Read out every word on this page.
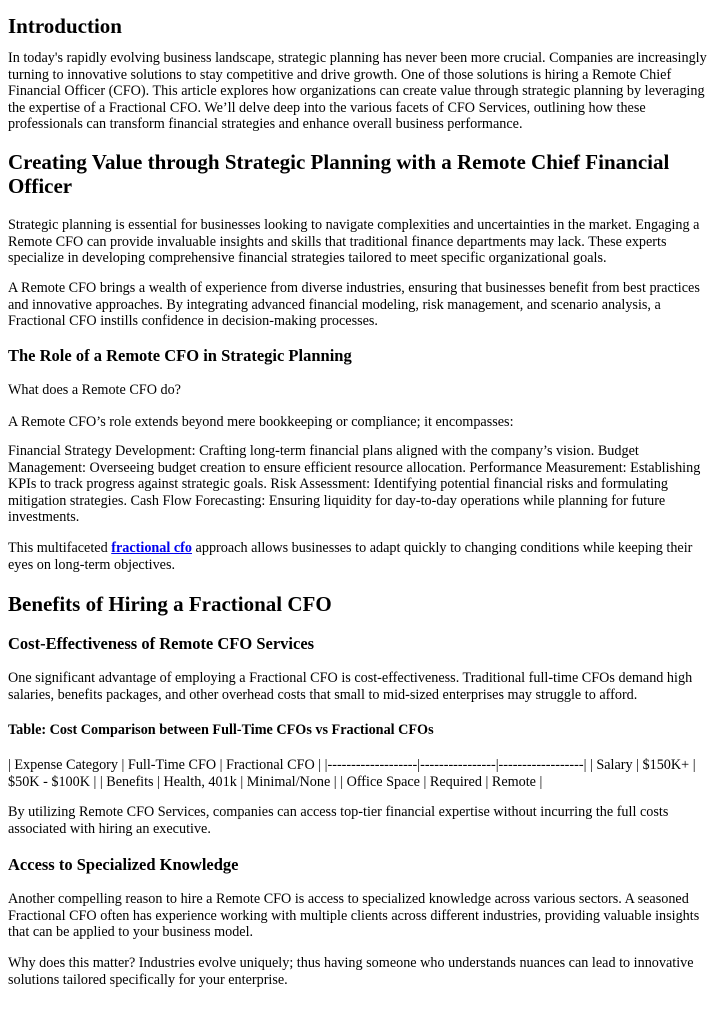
Introduction

In today's rapidly evolving business landscape, strategic planning has never been more crucial. Companies are increasingly turning to innovative solutions to stay competitive and drive growth. One of those solutions is hiring a Remote Chief Financial Officer (CFO). This article explores how organizations can create value through strategic planning by leveraging the expertise of a Fractional CFO. We’ll delve deep into the various facets of CFO Services, outlining how these professionals can transform financial strategies and enhance overall business performance.

Creating Value through Strategic Planning with a Remote Chief Financial Officer

Strategic planning is essential for businesses looking to navigate complexities and uncertainties in the market. Engaging a Remote CFO can provide invaluable insights and skills that traditional finance departments may lack. These experts specialize in developing comprehensive financial strategies tailored to meet specific organizational goals.

A Remote CFO brings a wealth of experience from diverse industries, ensuring that businesses benefit from best practices and innovative approaches. By integrating advanced financial modeling, risk management, and scenario analysis, a Fractional CFO instills confidence in decision-making processes.

The Role of a Remote CFO in Strategic Planning

What does a Remote CFO do?

A Remote CFO’s role extends beyond mere bookkeeping or compliance; it encompasses:

Financial Strategy Development: Crafting long-term financial plans aligned with the company’s vision. Budget Management: Overseeing budget creation to ensure efficient resource allocation. Performance Measurement: Establishing KPIs to track progress against strategic goals. Risk Assessment: Identifying potential financial risks and formulating mitigation strategies. Cash Flow Forecasting: Ensuring liquidity for day-to-day operations while planning for future investments.

This multifaceted fractional cfo approach allows businesses to adapt quickly to changing conditions while keeping their eyes on long-term objectives.

Benefits of Hiring a Fractional CFO
Cost-Effectiveness of Remote CFO Services

One significant advantage of employing a Fractional CFO is cost-effectiveness. Traditional full-time CFOs demand high salaries, benefits packages, and other overhead costs that small to mid-sized enterprises may struggle to afford.

Table: Cost Comparison between Full-Time CFOs vs Fractional CFOs

| Expense Category | Full-Time CFO | Fractional CFO | |-------------------|----------------|------------------| | Salary | $150K+ | $50K - $100K | | Benefits | Health, 401k | Minimal/None | | Office Space | Required | Remote |

By utilizing Remote CFO Services, companies can access top-tier financial expertise without incurring the full costs associated with hiring an executive.

Access to Specialized Knowledge

Another compelling reason to hire a Remote CFO is access to specialized knowledge across various sectors. A seasoned Fractional CFO often has experience working with multiple clients across different industries, providing valuable insights that can be applied to your business model.

Why does this matter? Industries evolve uniquely; thus having someone who understands nuances can lead to innovative solutions tailored specifically for your enterprise.
